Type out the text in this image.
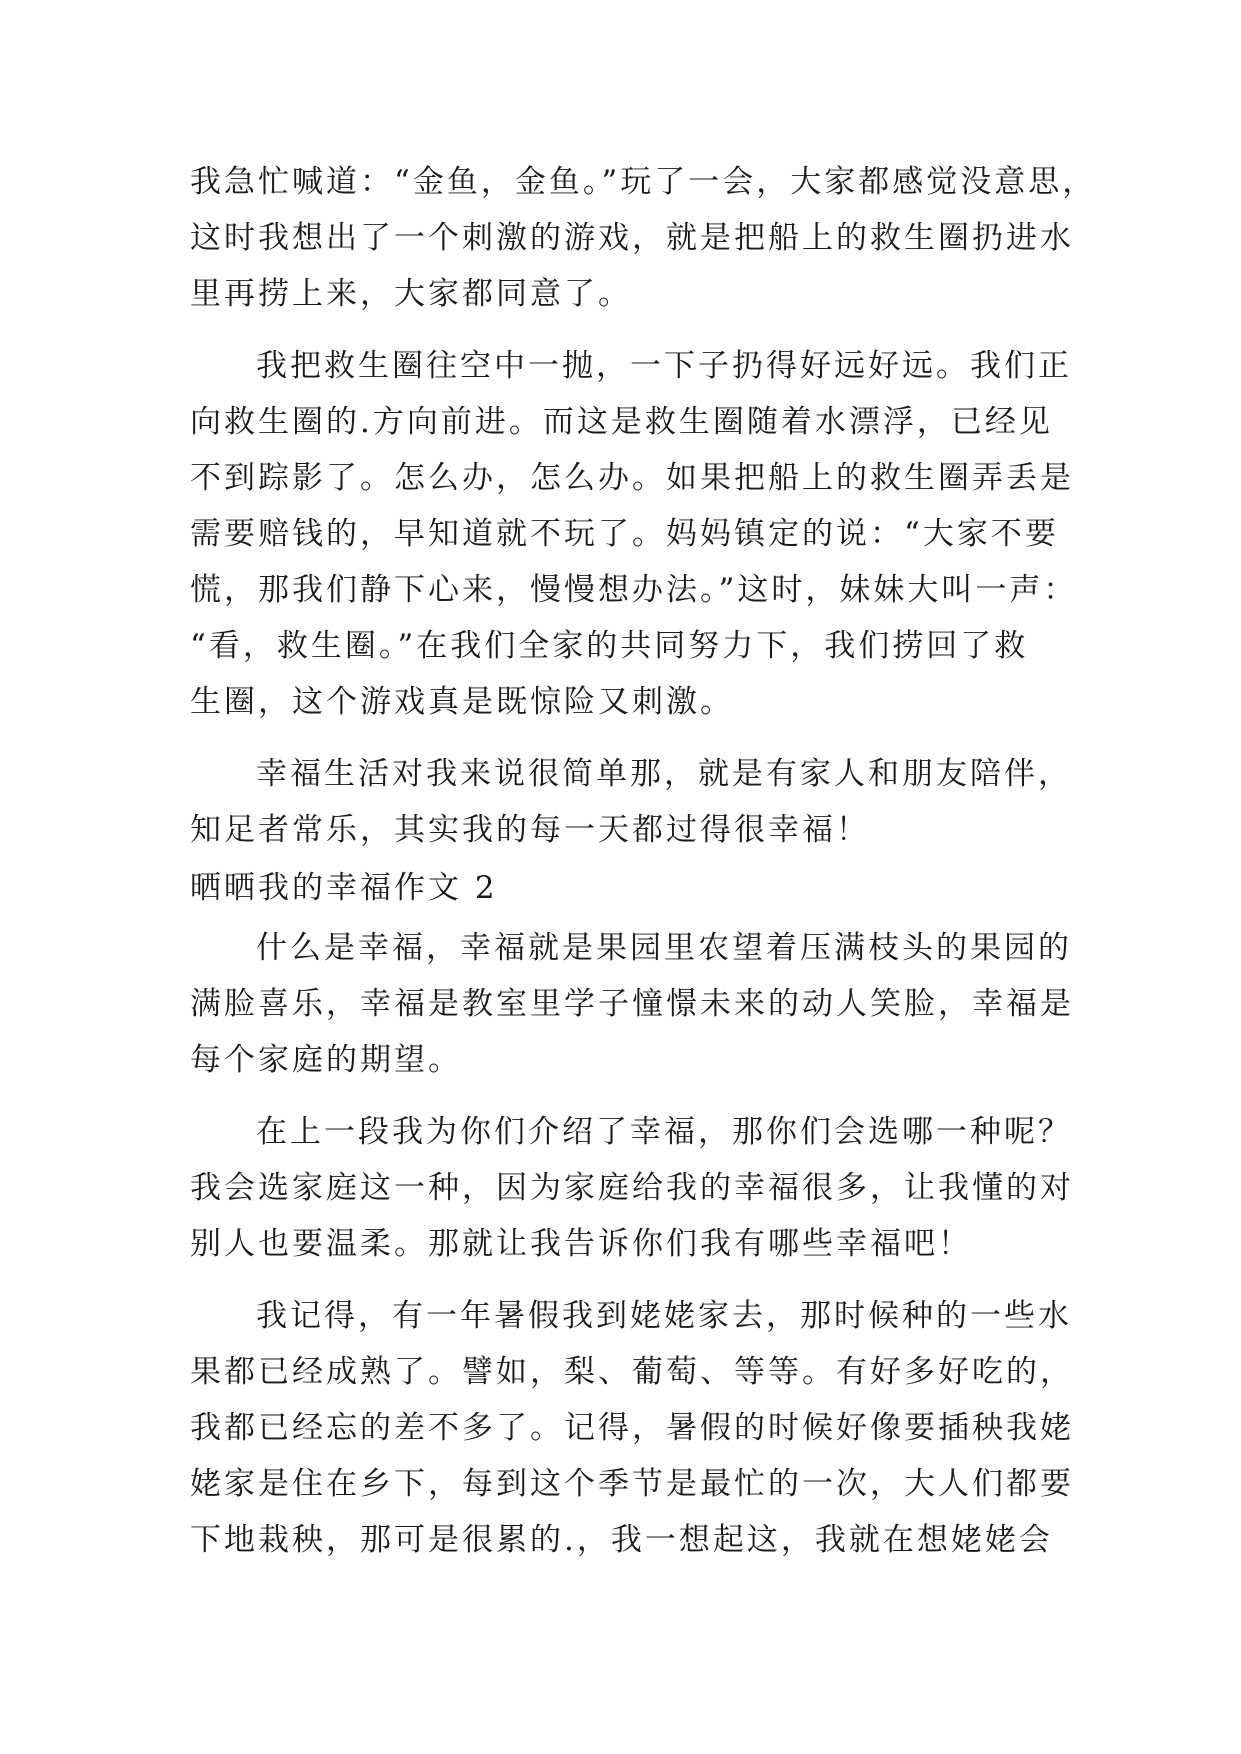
我急忙喊道：“金鱼，金鱼。”玩了一会，大家都感觉没意思，
这时我想出了一个刺激的游戏，就是把船上的救生圈扔进水
里再捞上来，大家都同意了。
我把救生圈往空中一抛，一下子扔得好远好远。我们正
向救生圈的.方向前进。而这是救生圈随着水漂浮，已经见
不到踪影了。怎么办，怎么办。如果把船上的救生圈弄丢是
需要赔钱的，早知道就不玩了。妈妈镇定的说：“大家不要
慌，那我们静下心来，慢慢想办法。”这时，妹妹大叫一声：
“看，救生圈。”在我们全家的共同努力下，我们捞回了救
生圈，这个游戏真是既惊险又刺激。
幸福生活对我来说很简单那，就是有家人和朋友陪伴，
知足者常乐，其实我的每一天都过得很幸福！
晒晒我的幸福作文 2
什么是幸福，幸福就是果园里农望着压满枝头的果园的
满脸喜乐，幸福是教室里学子憧憬未来的动人笑脸，幸福是
每个家庭的期望。
在上一段我为你们介绍了幸福，那你们会选哪一种呢？
我会选家庭这一种，因为家庭给我的幸福很多，让我懂的对
别人也要温柔。那就让我告诉你们我有哪些幸福吧！
我记得，有一年暑假我到姥姥家去，那时候种的一些水
果都已经成熟了。譬如，梨、葡萄、等等。有好多好吃的，
我都已经忘的差不多了。记得，暑假的时候好像要插秧我姥
姥家是住在乡下，每到这个季节是最忙的一次，大人们都要
下地栽秧，那可是很累的.，我一想起这，我就在想姥姥会
